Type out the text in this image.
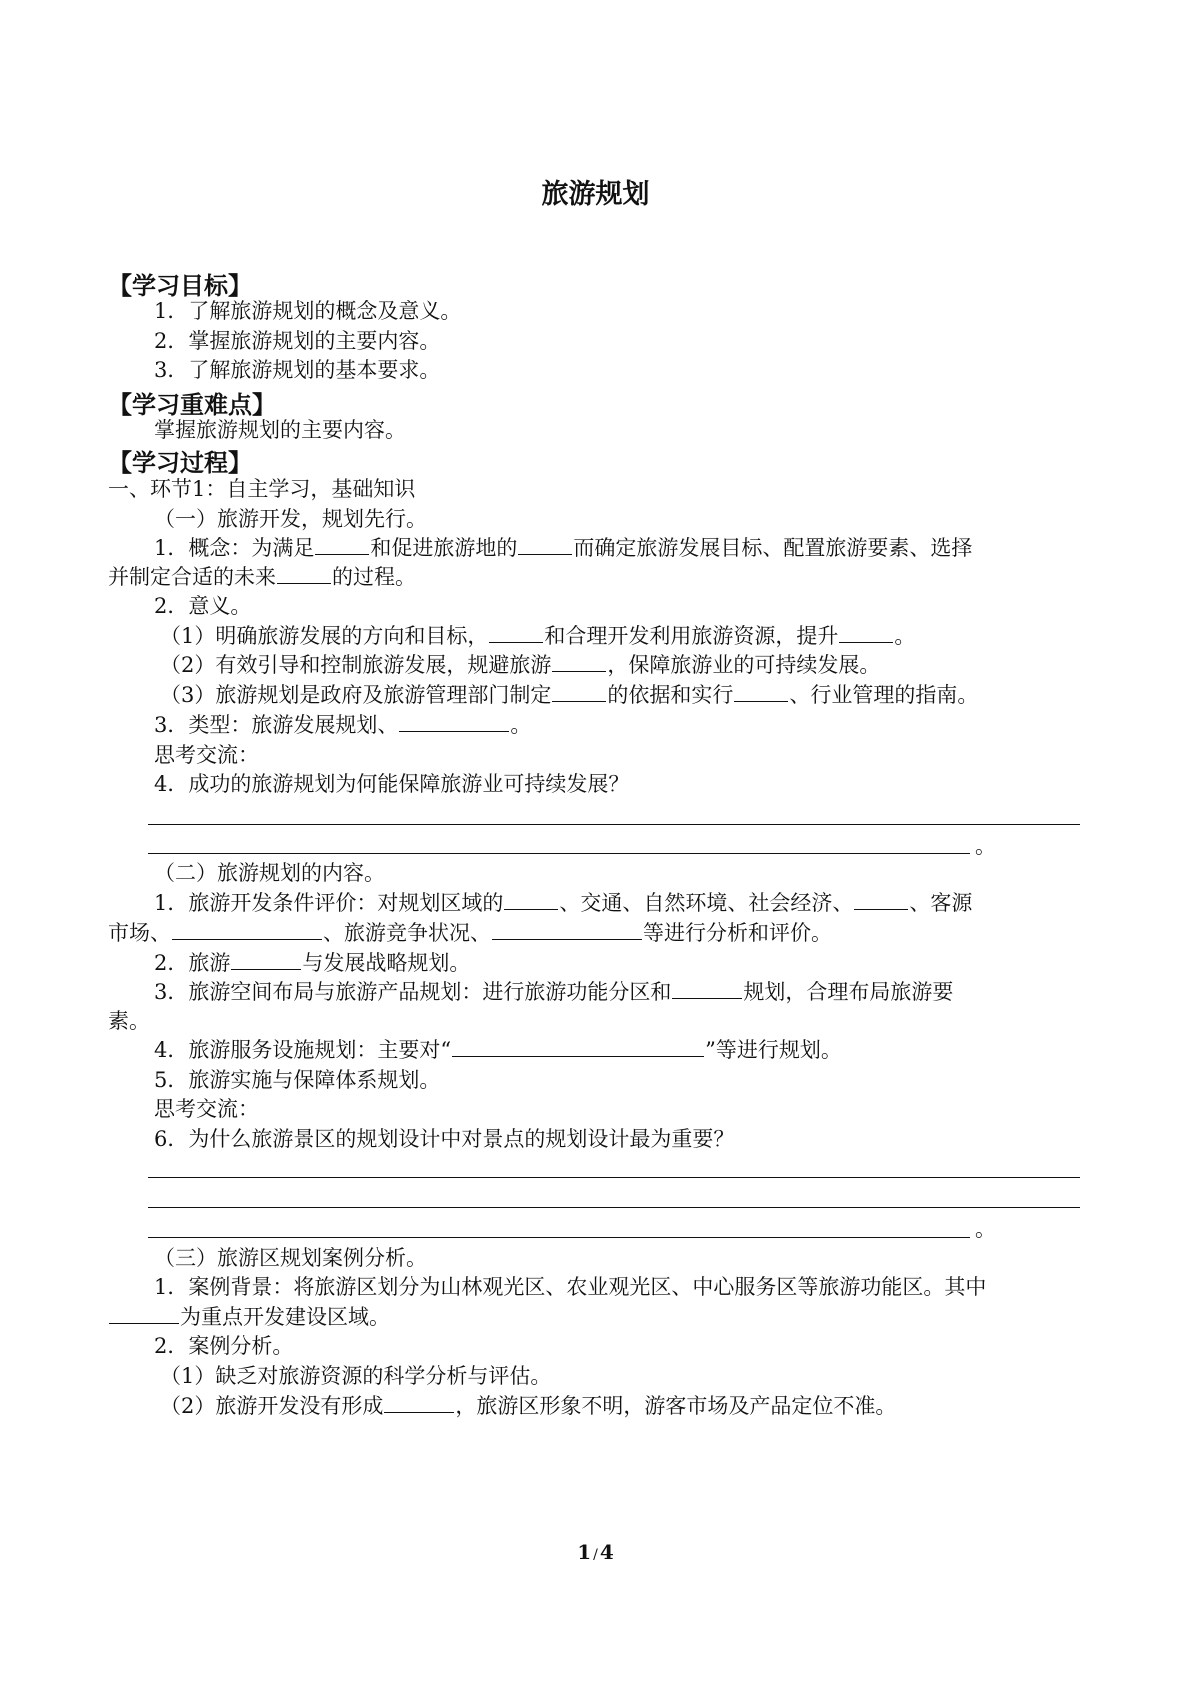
旅游规划
【学习目标】
1．了解旅游规划的概念及意义。
2．掌握旅游规划的主要内容。
3．了解旅游规划的基本要求。
【学习重难点】
掌握旅游规划的主要内容。
【学习过程】
一、环节1：自主学习，基础知识
（一）旅游开发，规划先行。
1．概念：为满足	和促进旅游地的	而确定旅游发展目标、配置旅游要素、选择
并制定合适的未来	的过程。
2．意义。
（1）明确旅游发展的方向和目标，	和合理开发利用旅游资源，提升	。
（2）有效引导和控制旅游发展，规避旅游	，保障旅游业的可持续发展。
（3）旅游规划是政府及旅游管理部门制定	的依据和实行	、行业管理的指南。
3．类型：旅游发展规划、	。
思考交流：
4．成功的旅游规划为何能保障旅游业可持续发展？
。
（二）旅游规划的内容。
1．旅游开发条件评价：对规划区域的	、交通、自然环境、社会经济、	、客源
市场、	、旅游竞争状况、	等进行分析和评价。
2．旅游	与发展战略规划。
3．旅游空间布局与旅游产品规划：进行旅游功能分区和	规划，合理布局旅游要
素。
4．旅游服务设施规划：主要对“	”等进行规划。
5．旅游实施与保障体系规划。
思考交流：
6．为什么旅游景区的规划设计中对景点的规划设计最为重要？
。
（三）旅游区规划案例分析。
1．案例背景：将旅游区划分为山林观光区、农业观光区、中心服务区等旅游功能区。其中
为重点开发建设区域。
2．案例分析。
（1）缺乏对旅游资源的科学分析与评估。
（2）旅游开发没有形成	，旅游区形象不明，游客市场及产品定位不准。
1 / 4
